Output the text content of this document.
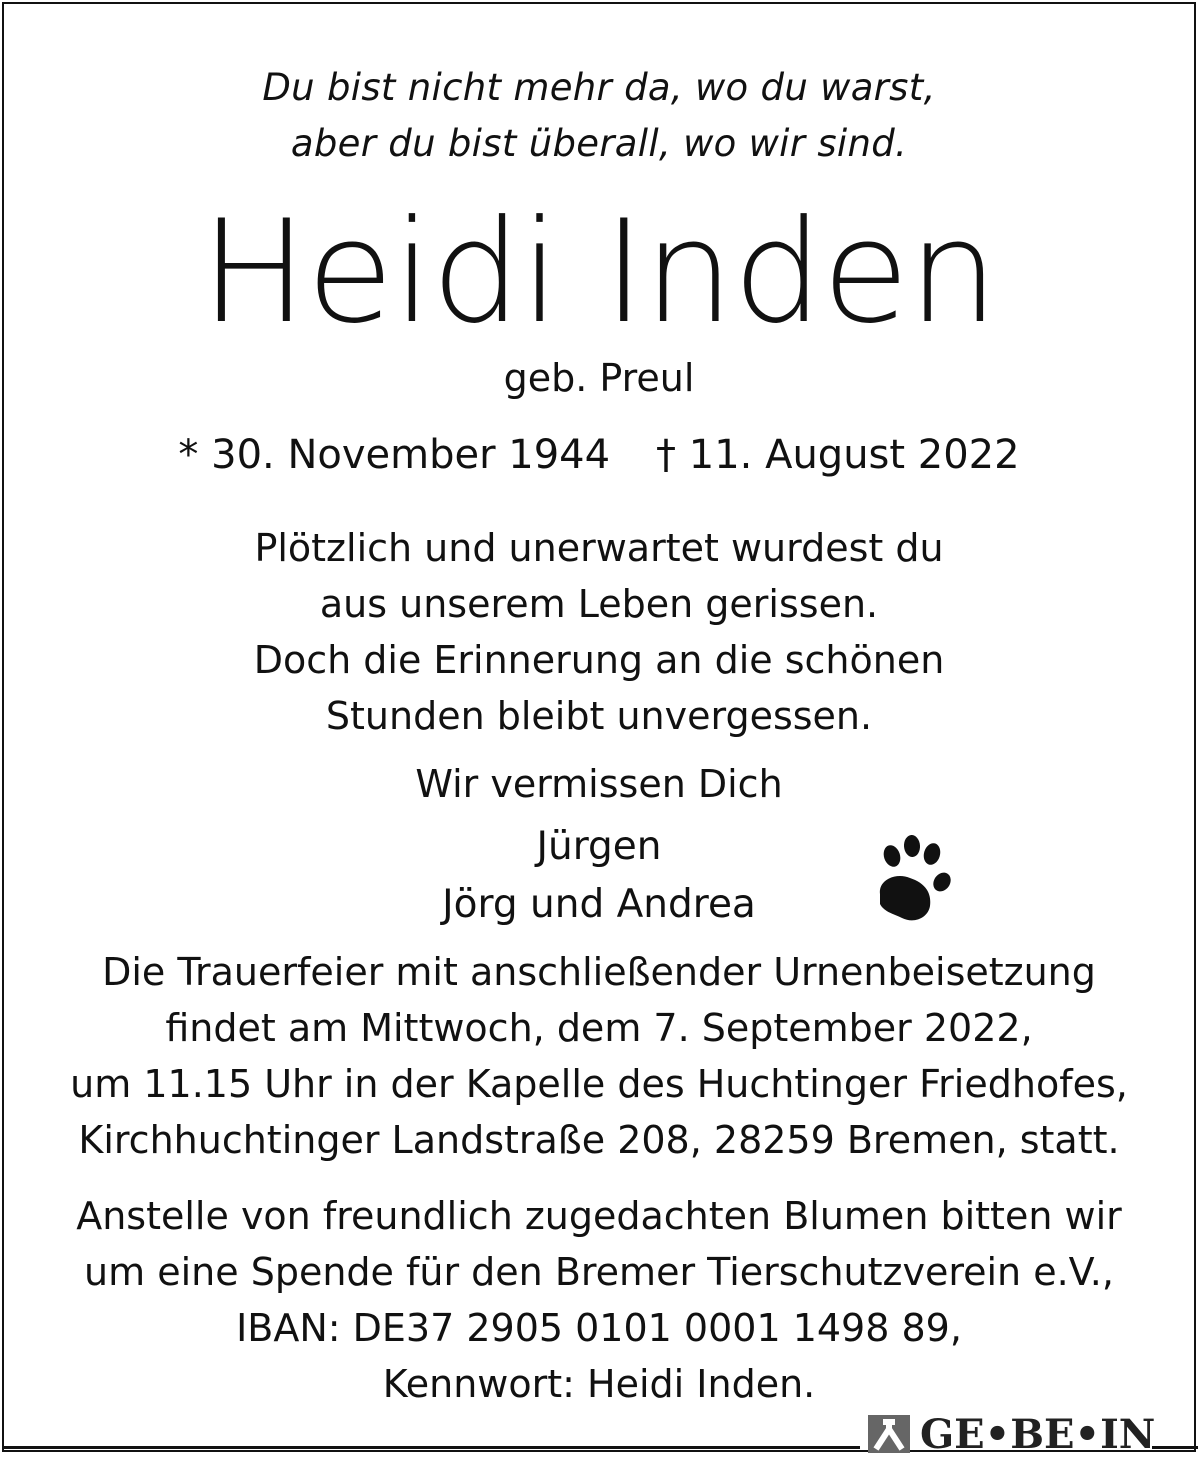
Du bist nicht mehr da, wo du warst,
aber du bist überall, wo wir sind.
Heidi Inden
geb. Preul
* 30. November 1944 † 11. August 2022
Plötzlich und unerwartet wurdest du
aus unserem Leben gerissen.
Doch die Erinnerung an die schönen
Stunden bleibt unvergessen.
Wir vermissen Dich
Jürgen
Jörg und Andrea
Die Trauerfeier mit anschließender Urnenbeisetzung
findet am Mittwoch, dem 7. September 2022,
um 11.15 Uhr in der Kapelle des Huchtinger Friedhofes,
Kirchhuchtinger Landstraße 208, 28259 Bremen, statt.
Anstelle von freundlich zugedachten Blumen bitten wir
um eine Spende für den Bremer Tierschutzverein e.V.,
IBAN: DE37 2905 0101 0001 1498 89,
Kennwort: Heidi Inden.
GE•BE•IN
